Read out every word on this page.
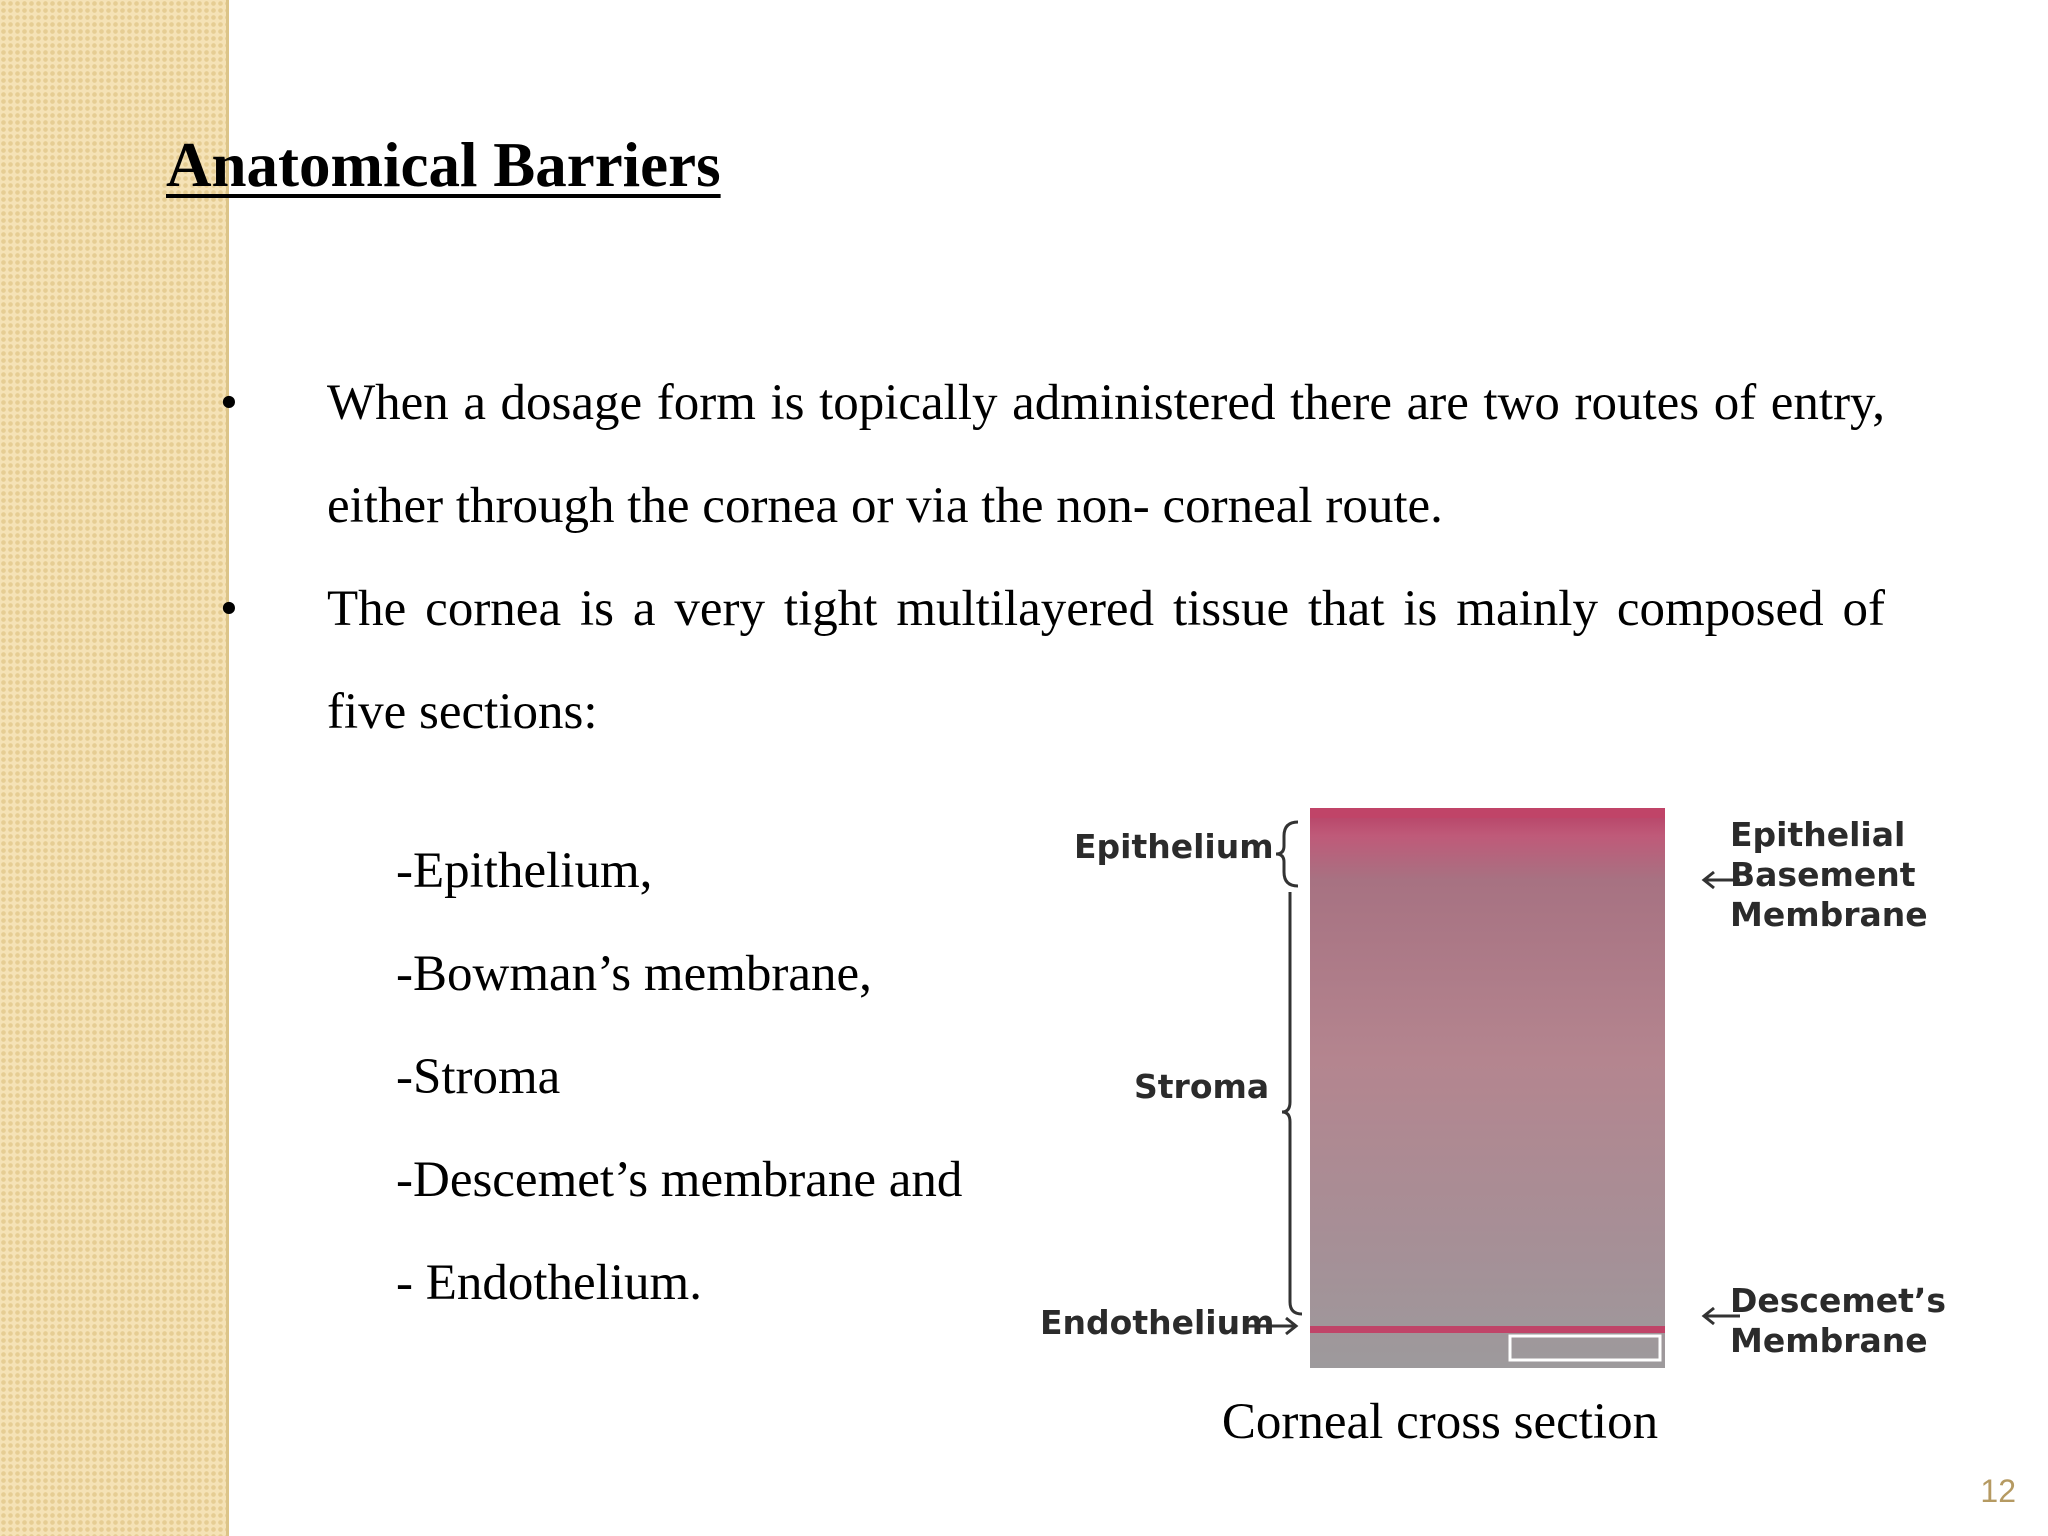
Anatomical Barriers
• When a dosage form is topically administered there are two routes of entry, either through the cornea or via the non- corneal route.
• The cornea is a very tight multilayered tissue that is mainly composed of five sections:
-Epithelium,
-Bowman’s membrane,
-Stroma
-Descemet’s membrane and
- Endothelium.
Epithelium
Stroma
Endothelium
Epithelial
Basement
Membrane
Descemet’s
Membrane
Corneal cross section
12
